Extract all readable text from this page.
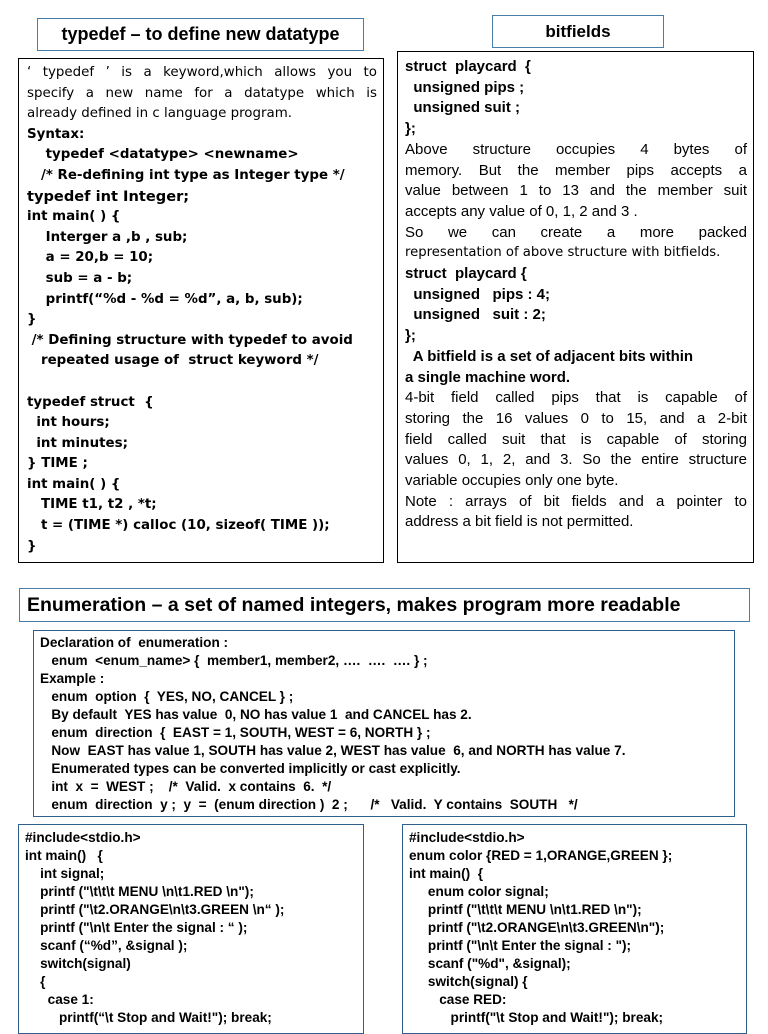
typedef – to define new datatype
‘ typedef ’ is a keyword,which allows you to
specify a new name for a datatype which is
already defined in c language program.
Syntax:
typedef <datatype> <newname>
/* Re-defining int type as Integer type */
typedef int Integer;
int main( ) {
Interger a ,b , sub;
a = 20,b = 10;
sub = a - b;
printf(“%d - %d = %d”, a, b, sub);
}
/* Defining structure with typedef to avoid
repeated usage of  struct keyword */
typedef struct  {
int hours;
int minutes;
} TIME ;
int main( ) {
TIME t1, t2 , *t;
t = (TIME *) calloc (10, sizeof( TIME ));
}
bitfields
struct  playcard  {
unsigned pips ;
unsigned suit ;
};
Above structure occupies 4 bytes of
memory. But the member pips accepts a
value between 1 to 13 and the member suit
accepts any value of 0, 1, 2 and 3 .
So we can create a more packed
representation of above structure with bitfields.
struct  playcard {
unsigned   pips : 4;
unsigned   suit : 2;
};
A bitfield is a set of adjacent bits within
a single machine word.
4-bit field called pips that is capable of
storing the 16 values 0 to 15, and a 2-bit
field called suit that is capable of storing
values 0, 1, 2, and 3. So the entire structure
variable occupies only one byte.
Note : arrays of bit fields and a pointer to
address a bit field is not permitted.
Enumeration – a set of named integers, makes program more readable
Declaration of  enumeration :
enum  <enum_name> {  member1, member2, ….  ….  …. } ;
Example :
enum  option  {  YES, NO, CANCEL } ;
By default  YES has value  0, NO has value 1  and CANCEL has 2.
enum  direction  {  EAST = 1, SOUTH, WEST = 6, NORTH } ;
Now  EAST has value 1, SOUTH has value 2, WEST has value  6, and NORTH has value 7.
Enumerated types can be converted implicitly or cast explicitly.
int  x  =  WEST ;    /*  Valid.  x contains  6.  */
enum  direction  y ;  y  =  (enum direction )  2 ;      /*   Valid.  Y contains  SOUTH   */
#include<stdio.h>
int main()   {
int signal;
printf ("\t\t\t MENU \n\t1.RED \n");
printf ("\t2.ORANGE\n\t3.GREEN \n“ );
printf ("\n\t Enter the signal : “ );
scanf (“%d”, &signal );
switch(signal)
{
case 1:
printf(“\t Stop and Wait!"); break;
#include<stdio.h>
enum color {RED = 1,ORANGE,GREEN };
int main()  {
enum color signal;
printf ("\t\t\t MENU \n\t1.RED \n");
printf ("\t2.ORANGE\n\t3.GREEN\n");
printf ("\n\t Enter the signal : ");
scanf ("%d", &signal);
switch(signal) {
case RED:
printf("\t Stop and Wait!"); break;
